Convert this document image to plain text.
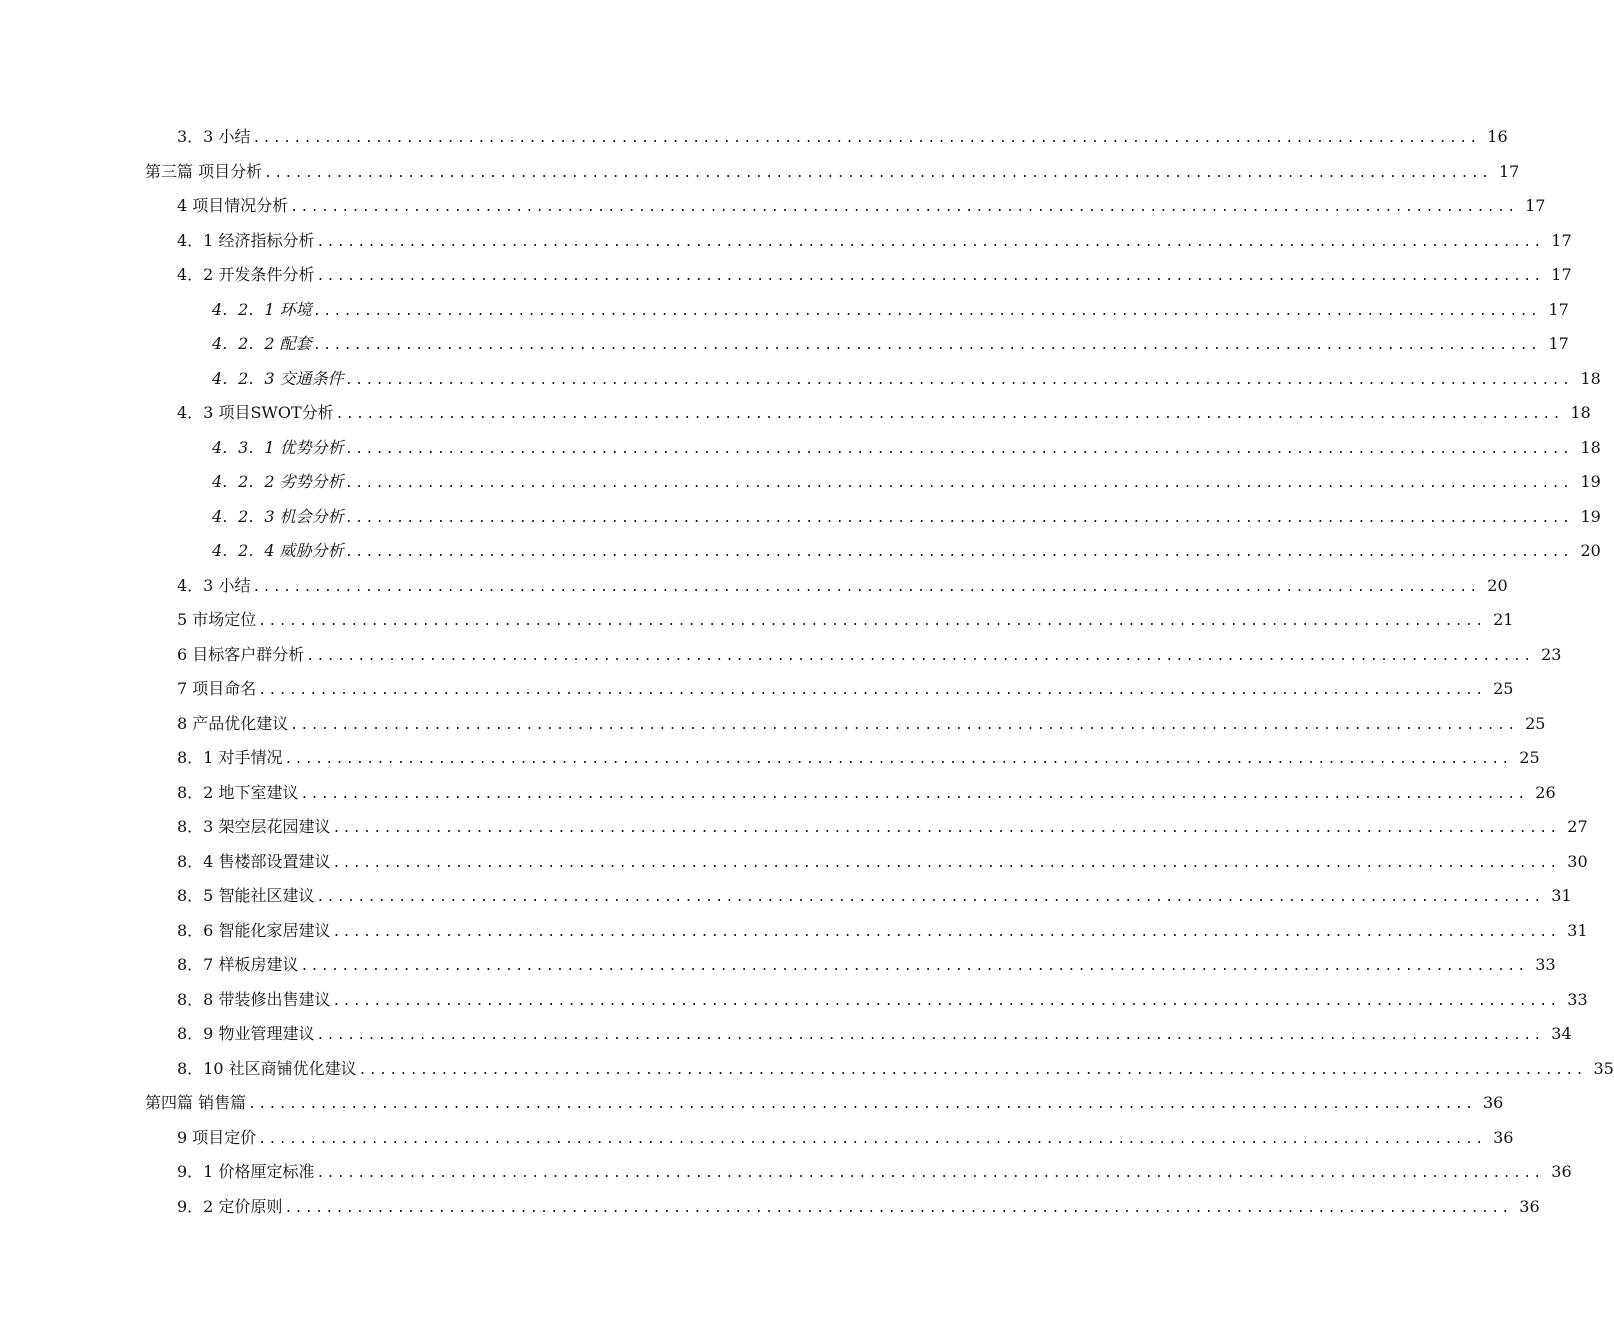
3．3 小结 ........................................................................................................................ 16
第三篇 项目分析 ........................................................................................................................ 17
4 项目情况分析 ........................................................................................................................ 17
4．1 经济指标分析 ........................................................................................................................ 17
4．2 开发条件分析 ........................................................................................................................ 17
4．2．1 环境 ........................................................................................................................ 17
4．2．2 配套 ........................................................................................................................ 17
4．2．3 交通条件 ........................................................................................................................ 18
4．3 项目SWOT分析 ........................................................................................................................ 18
4．3．1 优势分析 ........................................................................................................................ 18
4．2．2 劣势分析 ........................................................................................................................ 19
4．2．3 机会分析 ........................................................................................................................ 19
4．2．4 威胁分析 ........................................................................................................................ 20
4．3 小结 ........................................................................................................................ 20
5 市场定位 ........................................................................................................................ 21
6 目标客户群分析 ........................................................................................................................ 23
7 项目命名 ........................................................................................................................ 25
8 产品优化建议 ........................................................................................................................ 25
8．1 对手情况 ........................................................................................................................ 25
8．2 地下室建议 ........................................................................................................................ 26
8．3 架空层花园建议 ........................................................................................................................ 27
8．4 售楼部设置建议 ........................................................................................................................ 30
8．5 智能社区建议 ........................................................................................................................ 31
8．6 智能化家居建议 ........................................................................................................................ 31
8．7 样板房建议 ........................................................................................................................ 33
8．8 带装修出售建议 ........................................................................................................................ 33
8．9 物业管理建议 ........................................................................................................................ 34
8．10 社区商铺优化建议 ........................................................................................................................ 35
第四篇 销售篇 ........................................................................................................................ 36
9 项目定价 ........................................................................................................................ 36
9．1 价格厘定标准 ........................................................................................................................ 36
9．2 定价原则 ........................................................................................................................ 36
